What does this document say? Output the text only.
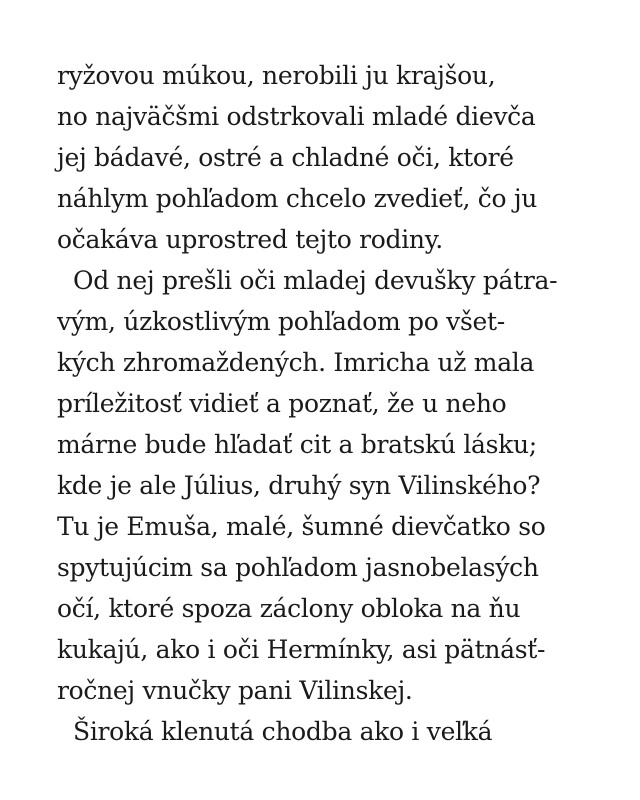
ryžovou múkou, nerobili ju krajšou,
no najväčšmi odstrkovali mladé dievča
jej bádavé, ostré a chladné oči, ktoré
náhlym pohľadom chcelo zvedieť, čo ju
očakáva uprostred tejto rodiny.
Od nej prešli oči mladej devušky pátra-
vým, úzkostlivým pohľadom po všet-
kých zhromaždených. Imricha už mala
príležitosť vidieť a poznať, že u neho
márne bude hľadať cit a bratskú lásku;
kde je ale Július, druhý syn Vilinského?
Tu je Emuša, malé, šumné dievčatko so
spytujúcim sa pohľadom jasnobelasých
očí, ktoré spoza záclony obloka na ňu
kukajú, ako i oči Hermínky, asi pätnásť-
ročnej vnučky pani Vilinskej.
Široká klenutá chodba ako i veľká
